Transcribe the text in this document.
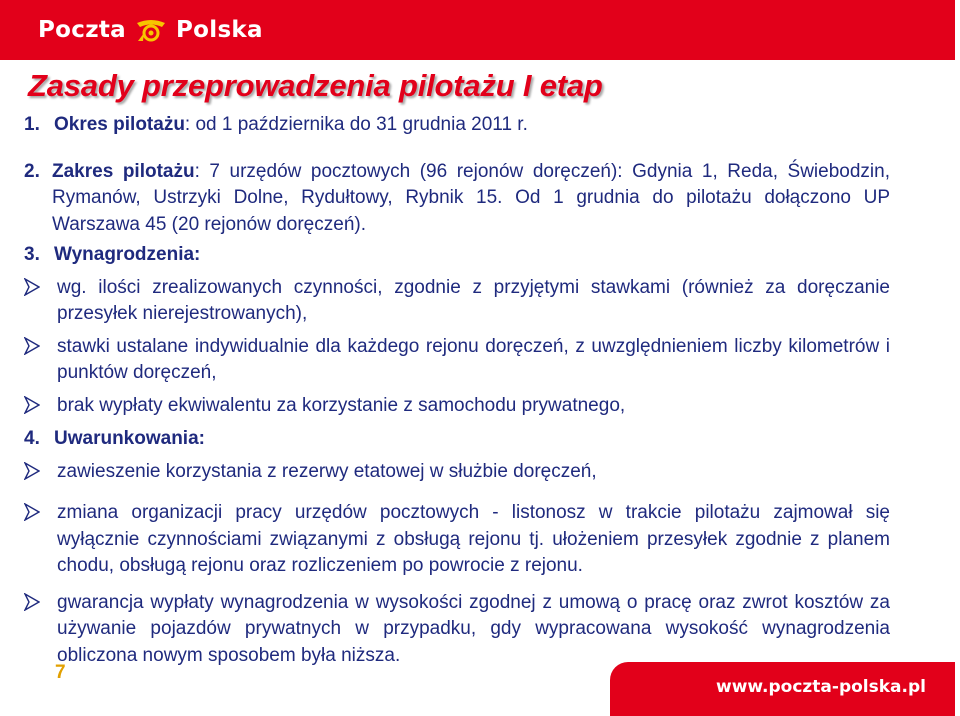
Poczta Polska
Zasady przeprowadzenia pilotażu I etap
1. Okres pilotażu: od 1 października do 31 grudnia 2011 r.
2. Zakres pilotażu: 7 urzędów pocztowych (96 rejonów doręczeń): Gdynia 1, Reda, Świebodzin, Rymanów, Ustrzyki Dolne, Rydułtowy, Rybnik 15. Od 1 grudnia do pilotażu dołączono UP Warszawa 45 (20 rejonów doręczeń).
3. Wynagrodzenia:
wg. ilości zrealizowanych czynności, zgodnie z przyjętymi stawkami (również za doręczanie przesyłek nierejestrowanych),
stawki ustalane indywidualnie dla każdego rejonu doręczeń, z uwzględnieniem liczby kilometrów i punktów doręczeń,
brak wypłaty ekwiwalentu za korzystanie z samochodu prywatnego,
4. Uwarunkowania:
zawieszenie korzystania z rezerwy etatowej w służbie doręczeń,
zmiana organizacji pracy urzędów pocztowych - listonosz w trakcie pilotażu zajmował się wyłącznie czynnościami związanymi z obsługą rejonu tj. ułożeniem przesyłek zgodnie z planem chodu, obsługą rejonu oraz rozliczeniem po powrocie z rejonu.
gwarancja wypłaty wynagrodzenia w wysokości zgodnej z umową o pracę oraz zwrot kosztów za używanie pojazdów prywatnych w przypadku, gdy wypracowana wysokość wynagrodzenia obliczona nowym sposobem była niższa.
www.poczta-polska.pl
7
